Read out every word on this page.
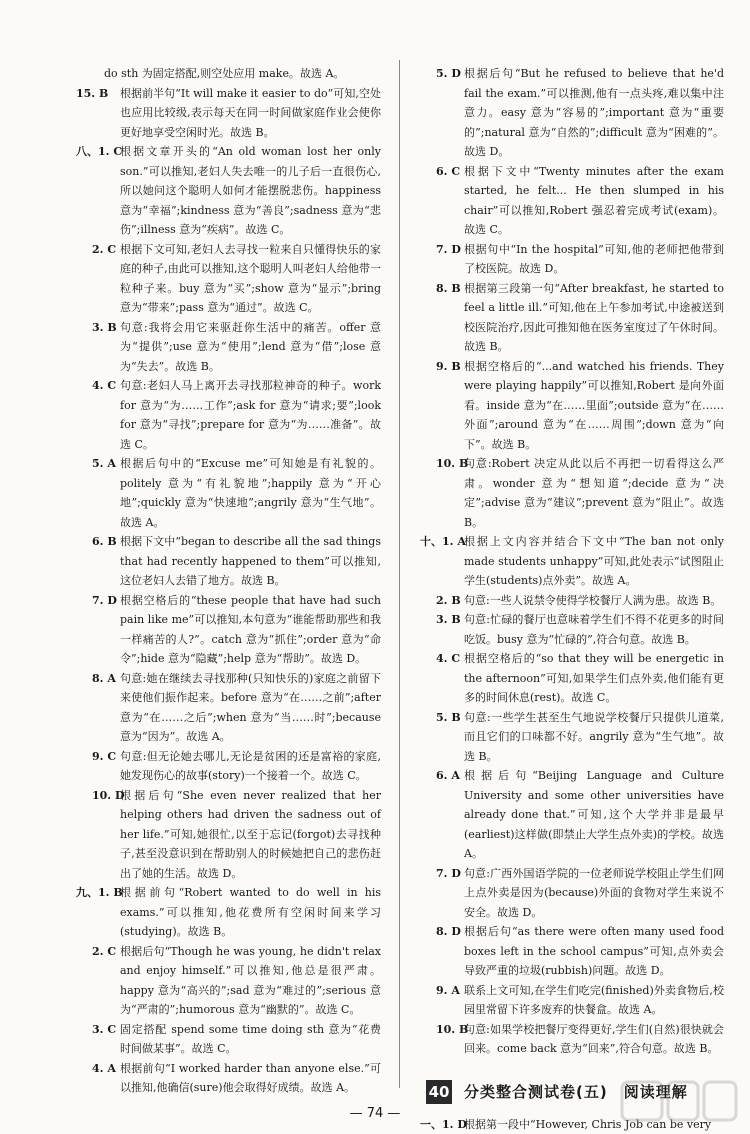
do sth 为固定搭配,则空处应用 make。故选 A。

15. B 根据前半句“It will make it easier to do”可知,空处也应用比较级,表示每天在同一时间做家庭作业会使你更好地享受空闲时光。故选 B。

八、1. C
根据文章开头的“An old woman lost her only son.”可以推知,老妇人失去唯一的儿子后一直很伤心,所以她问这个聪明人如何才能摆脱悲伤。happiness 意为“幸福”;kindness 意为“善良”;sadness 意为“悲伤”;illness 意为“疾病”。故选 C。

2. C 根据下文可知,老妇人去寻找一粒来自只懂得快乐的家庭的种子,由此可以推知,这个聪明人叫老妇人给他带一粒种子来。buy 意为“买”;show 意为“显示”;bring 意为“带来”;pass 意为“通过”。故选 C。

3. B 句意:我将会用它来驱赶你生活中的痛苦。offer 意为“提供”;use 意为“使用”;lend 意为“借”;lose 意为“失去”。故选 B。

4. C 句意:老妇人马上离开去寻找那粒神奇的种子。work for 意为“为……工作”;ask for 意为“请求;要”;look for 意为“寻找”;prepare for 意为“为……准备”。故选 C。

5. A 根据后句中的“Excuse me”可知她是有礼貌的。politely 意为“有礼貌地”;happily 意为“开心地”;quickly 意为“快速地”;angrily 意为“生气地”。故选 A。

6. B 根据下文中“began to describe all the sad things that had recently happened to them”可以推知,这位老妇人去错了地方。故选 B。

7. D 根据空格后的“these people that have had such pain like me”可以推知,本句意为“谁能帮助那些和我一样痛苦的人?”。catch 意为“抓住”;order 意为“命令”;hide 意为“隐藏”;help 意为“帮助”。故选 D。

8. A 句意:她在继续去寻找那种(只知快乐的)家庭之前留下来使他们振作起来。before 意为“在……之前”;after 意为“在……之后”;when 意为“当……时”;because 意为“因为”。故选 A。

9. C 句意:但无论她去哪儿,无论是贫困的还是富裕的家庭,她发现伤心的故事(story)一个接着一个。故选 C。

10. D
根据后句“She even never realized that her helping others had driven the sadness out of her life.”可知,她很忙,以至于忘记(forgot)去寻找种子,甚至没意识到在帮助别人的时候她把自己的悲伤赶出了她的生活。故选 D。

九、1. B
根据前句“Robert wanted to do well in his exams.”可以推知,他花费所有空闲时间来学习(studying)。故选 B。

2. C 根据后句“Though he was young, he didn't relax and enjoy himself.”可以推知,他总是很严肃。happy 意为“高兴的”;sad 意为“难过的”;serious 意为“严肃的”;humorous 意为“幽默的”。故选 C。

3. C 固定搭配 spend some time doing sth 意为“花费时间做某事”。故选 C。

4. A 根据前句“I worked harder than anyone else.”可以推知,他确信(sure)他会取得好成绩。故选 A。

5. D 根据后句“But he refused to believe that he'd fail the exam.”可以推测,他有一点头疼,难以集中注意力。easy 意为“容易的”;important 意为“重要的”;natural 意为“自然的”;difficult 意为“困难的”。故选 D。

6. C 根据下文中“Twenty minutes after the exam started, he felt... He then slumped in his chair”可以推知,Robert 强忍着完成考试(exam)。故选 C。

7. D 根据句中“In the hospital”可知,他的老师把他带到了校医院。故选 D。

8. B 根据第三段第一句“After breakfast, he started to feel a little ill.”可知,他在上午参加考试,中途被送到校医院治疗,因此可推知他在医务室度过了午休时间。故选 B。

9. B 根据空格后的“...and watched his friends. They were playing happily”可以推知,Robert 是向外面看。inside 意为“在……里面”;outside 意为“在……外面”;around 意为“在……周围”;down 意为“向下”。故选 B。

10. B
句意:Robert 决定从此以后不再把一切看得这么严肃。wonder 意为“想知道”;decide 意为“决定”;advise 意为“建议”;prevent 意为“阻止”。故选 B。

十、1. A
根据上文内容并结合下文中“The ban not only made students unhappy”可知,此处表示“试图阻止学生(students)点外卖”。故选 A。

2. B 句意:一些人说禁令使得学校餐厅人满为患。故选 B。

3. B 句意:忙碌的餐厅也意味着学生们不得不花更多的时间吃饭。busy 意为“忙碌的”,符合句意。故选 B。

4. C 根据空格后的“so that they will be energetic in the afternoon”可知,如果学生们点外卖,他们能有更多的时间休息(rest)。故选 C。

5. B 句意:一些学生甚至生气地说学校餐厅只提供儿道菜,而且它们的口味都不好。angrily 意为“生气地”。故选 B。

6. A 根据后句“Beijing Language and Culture University and some other universities have already done that.”可知,这个大学并非是最早(earliest)这样做(即禁止大学生点外卖)的学校。故选 A。

7. D 句意:广西外国语学院的一位老师说学校阻止学生们网上点外卖是因为(because)外面的食物对学生来说不安全。故选 D。

8. D 根据后句“as there were often many used food boxes left in the school campus”可知,点外卖会导致严重的垃圾(rubbish)问题。故选 D。

9. A 联系上文可知,在学生们吃完(finished)外卖食物后,校园里常留下许多废弃的快餐盒。故选 A。

10. B
句意:如果学校把餐厅变得更好,学生们(自然)很快就会回来。come back 意为“回来”,符合句意。故选 B。

40 分类整合测试卷(五)　阅读理解

一、1. D
根据第一段中“However, Chris Job can be very

— 74 —
